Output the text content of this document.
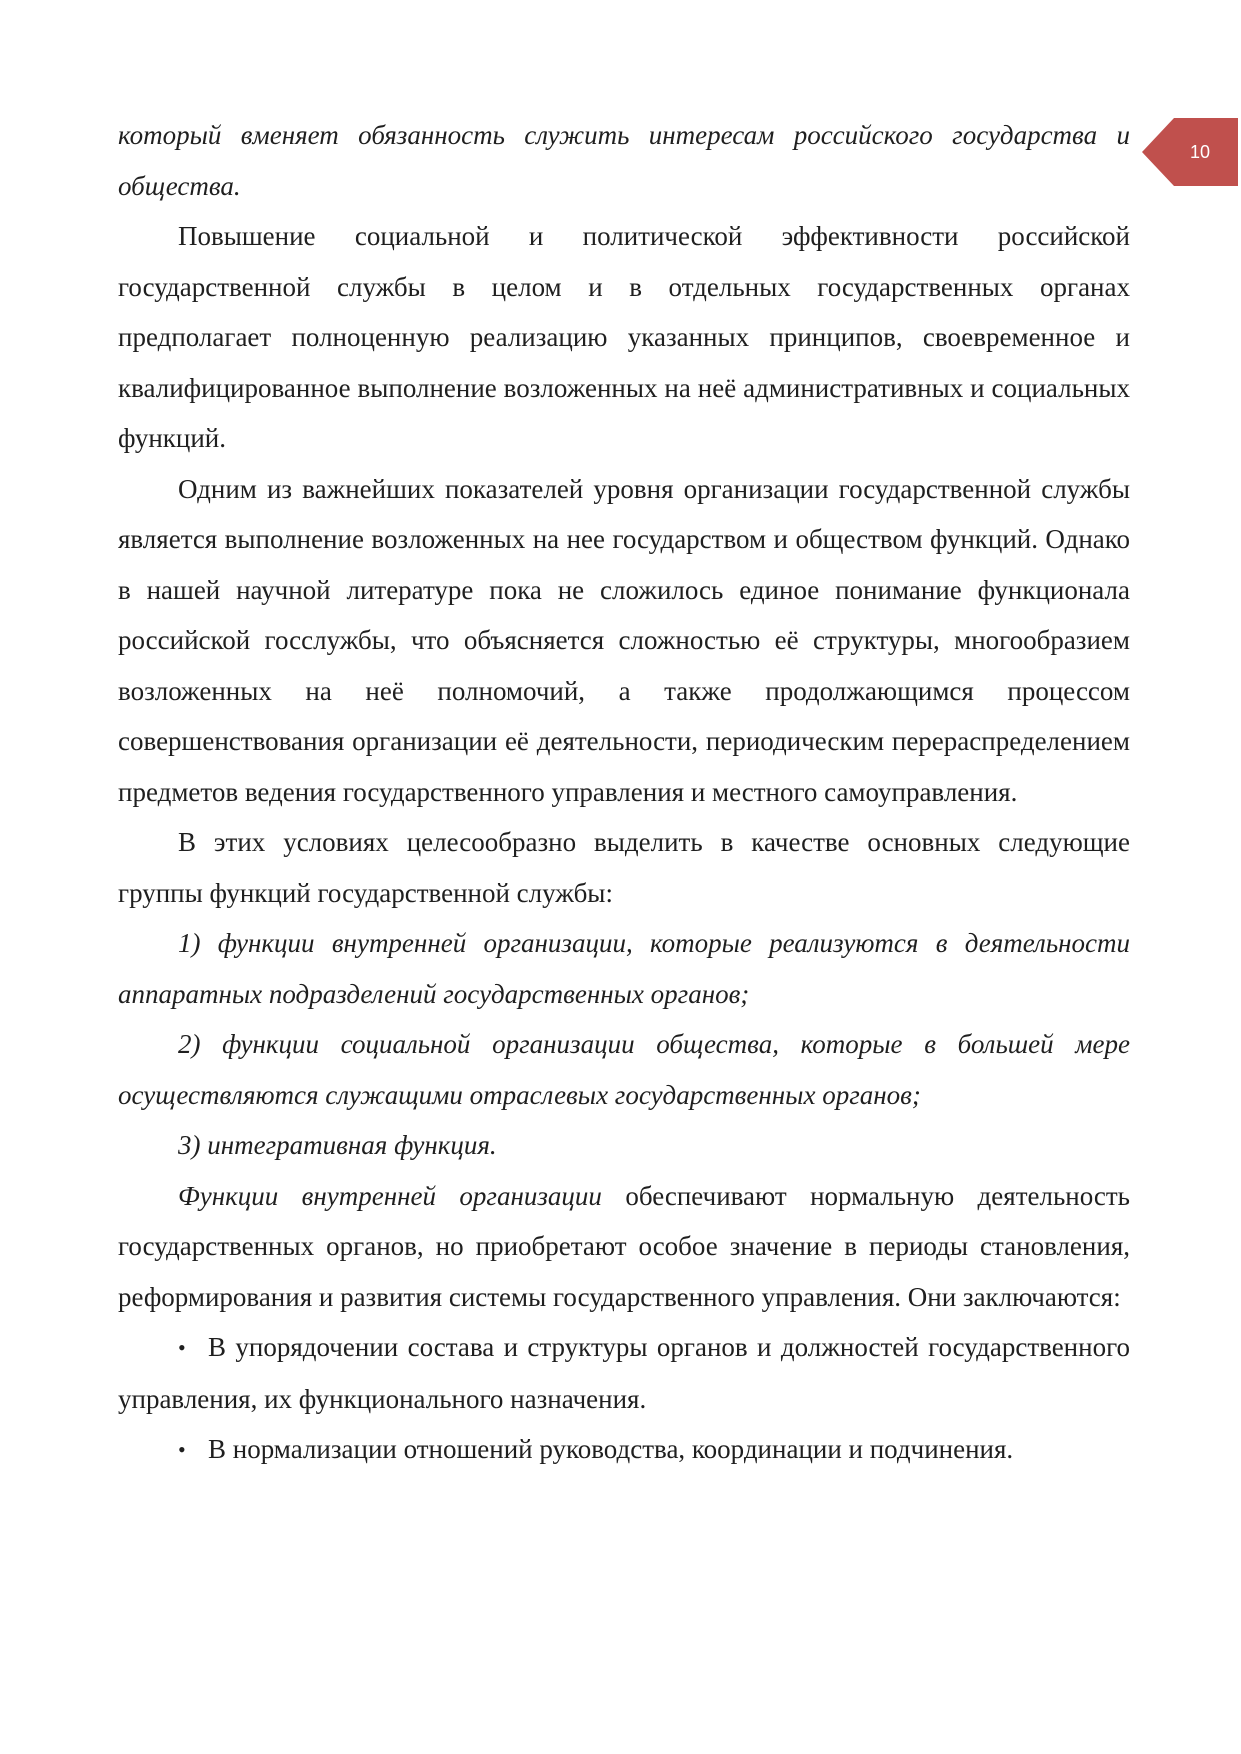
10

который вменяет обязанность служить интересам российского государства и общества.

Повышение социальной и политической эффективности российской государственной службы в целом и в отдельных государственных органах предполагает полноценную реализацию указанных принципов, своевременное и квалифицированное выполнение возложенных на неё административных и социальных функций.

Одним из важнейших показателей уровня организации государственной службы является выполнение возложенных на нее государством и обществом функций. Однако в нашей научной литературе пока не сложилось единое понимание функционала российской госслужбы, что объясняется сложностью её структуры, многообразием возложенных на неё полномочий, а также продолжающимся процессом совершенствования организации её деятельности, периодическим перераспределением предметов ведения государственного управления и местного самоуправления.

В этих условиях целесообразно выделить в качестве основных следующие группы функций государственной службы:

1) функции внутренней организации, которые реализуются в деятельности аппаратных подразделений государственных органов;

2) функции социальной организации общества, которые в большей мере осуществляются служащими отраслевых государственных органов;

3) интегративная функция.

Функции внутренней организации обеспечивают нормальную деятельность государственных органов, но приобретают особое значение в периоды становления, реформирования и развития системы государственного управления. Они заключаются:

• В упорядочении состава и структуры органов и должностей государственного управления, их функционального назначения.

• В нормализации отношений руководства, координации и подчинения.
